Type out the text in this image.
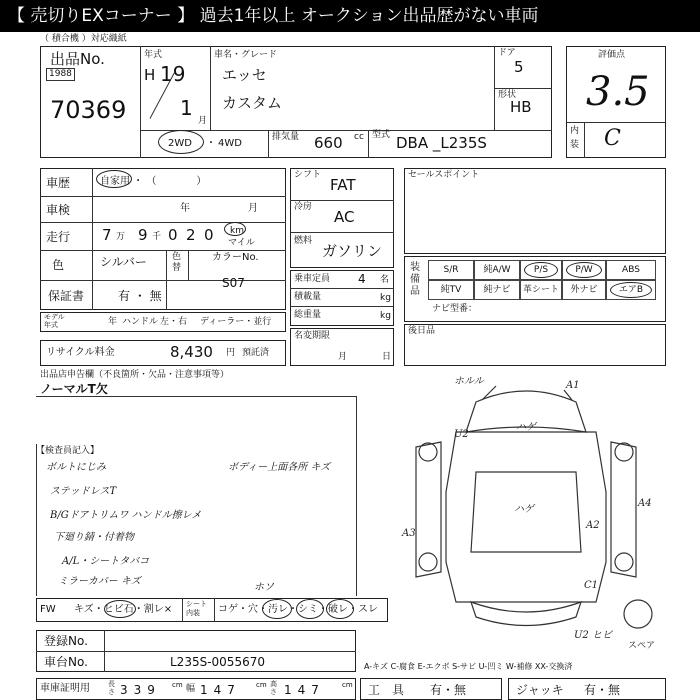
【 売切りEXコーナー 】 過去1年以上 オークション出品歴がない車両
（ 積合機 ）対応織紙
出品No.
1988
70369
年式
H 19
1
月
車名・グレード
エッセ
カスタム
ドア
5
形状
HB
2WD ・ 4WD
排気量 660 cc 型式 DBA _L235S
評価点
3.5
内
装 C
車歴	自家用 ・ （　　　　）
車検	年	月
走行 7 万 9 千 0 2 0 km
マイル
色	シルバー	色替
カラーNo.
S07
保証書	有 ・ 無
モデル年式	年 ハンドル 左・右 ディーラー・並行
リサイクル料金	8,430 円 預託済
シフト
FAT
冷房
AC
燃料
ガソリン
乗車定員 4 名
積載量	kg
総重量	kg
名変期限
月	日
セールスポイント
装備品
S/R	純A/W	P/S	P/W	ABS
純TV	純ナビ	革シート	外ナビ	エアB
ナビ型番：
後日品
出品店申告欄（不良箇所・欠品・注意事項等）
ノーマルT欠
【検査員記入】
ボルトにじみ
ステッドレスT
B/Gドアトリムワ ハンドル擦レメ
下廻り錆・付着物
A/L・シートタバコ
ミラーカバー キズ
ボディー上面各所 キズ
ホソ
FW キズ・ヒビ石・割レ× シート内装	コゲ・穴・汚レ・シミ・破レ・スレ
登録No.
車台No.	L235S-0055670
車庫証明用	長さ 339 cm 幅 147 cm 高さ 147 cm 工　具 有・無	ジャッキ 有・無
ホルル	A1
ハゲ
U2
ハゲ
A4
A3
A2
C1
U2 ヒビ
スペア
A-キズ C-腐食 E-エクボ S-サビ U-凹ミ W-補修 XX-交換済
